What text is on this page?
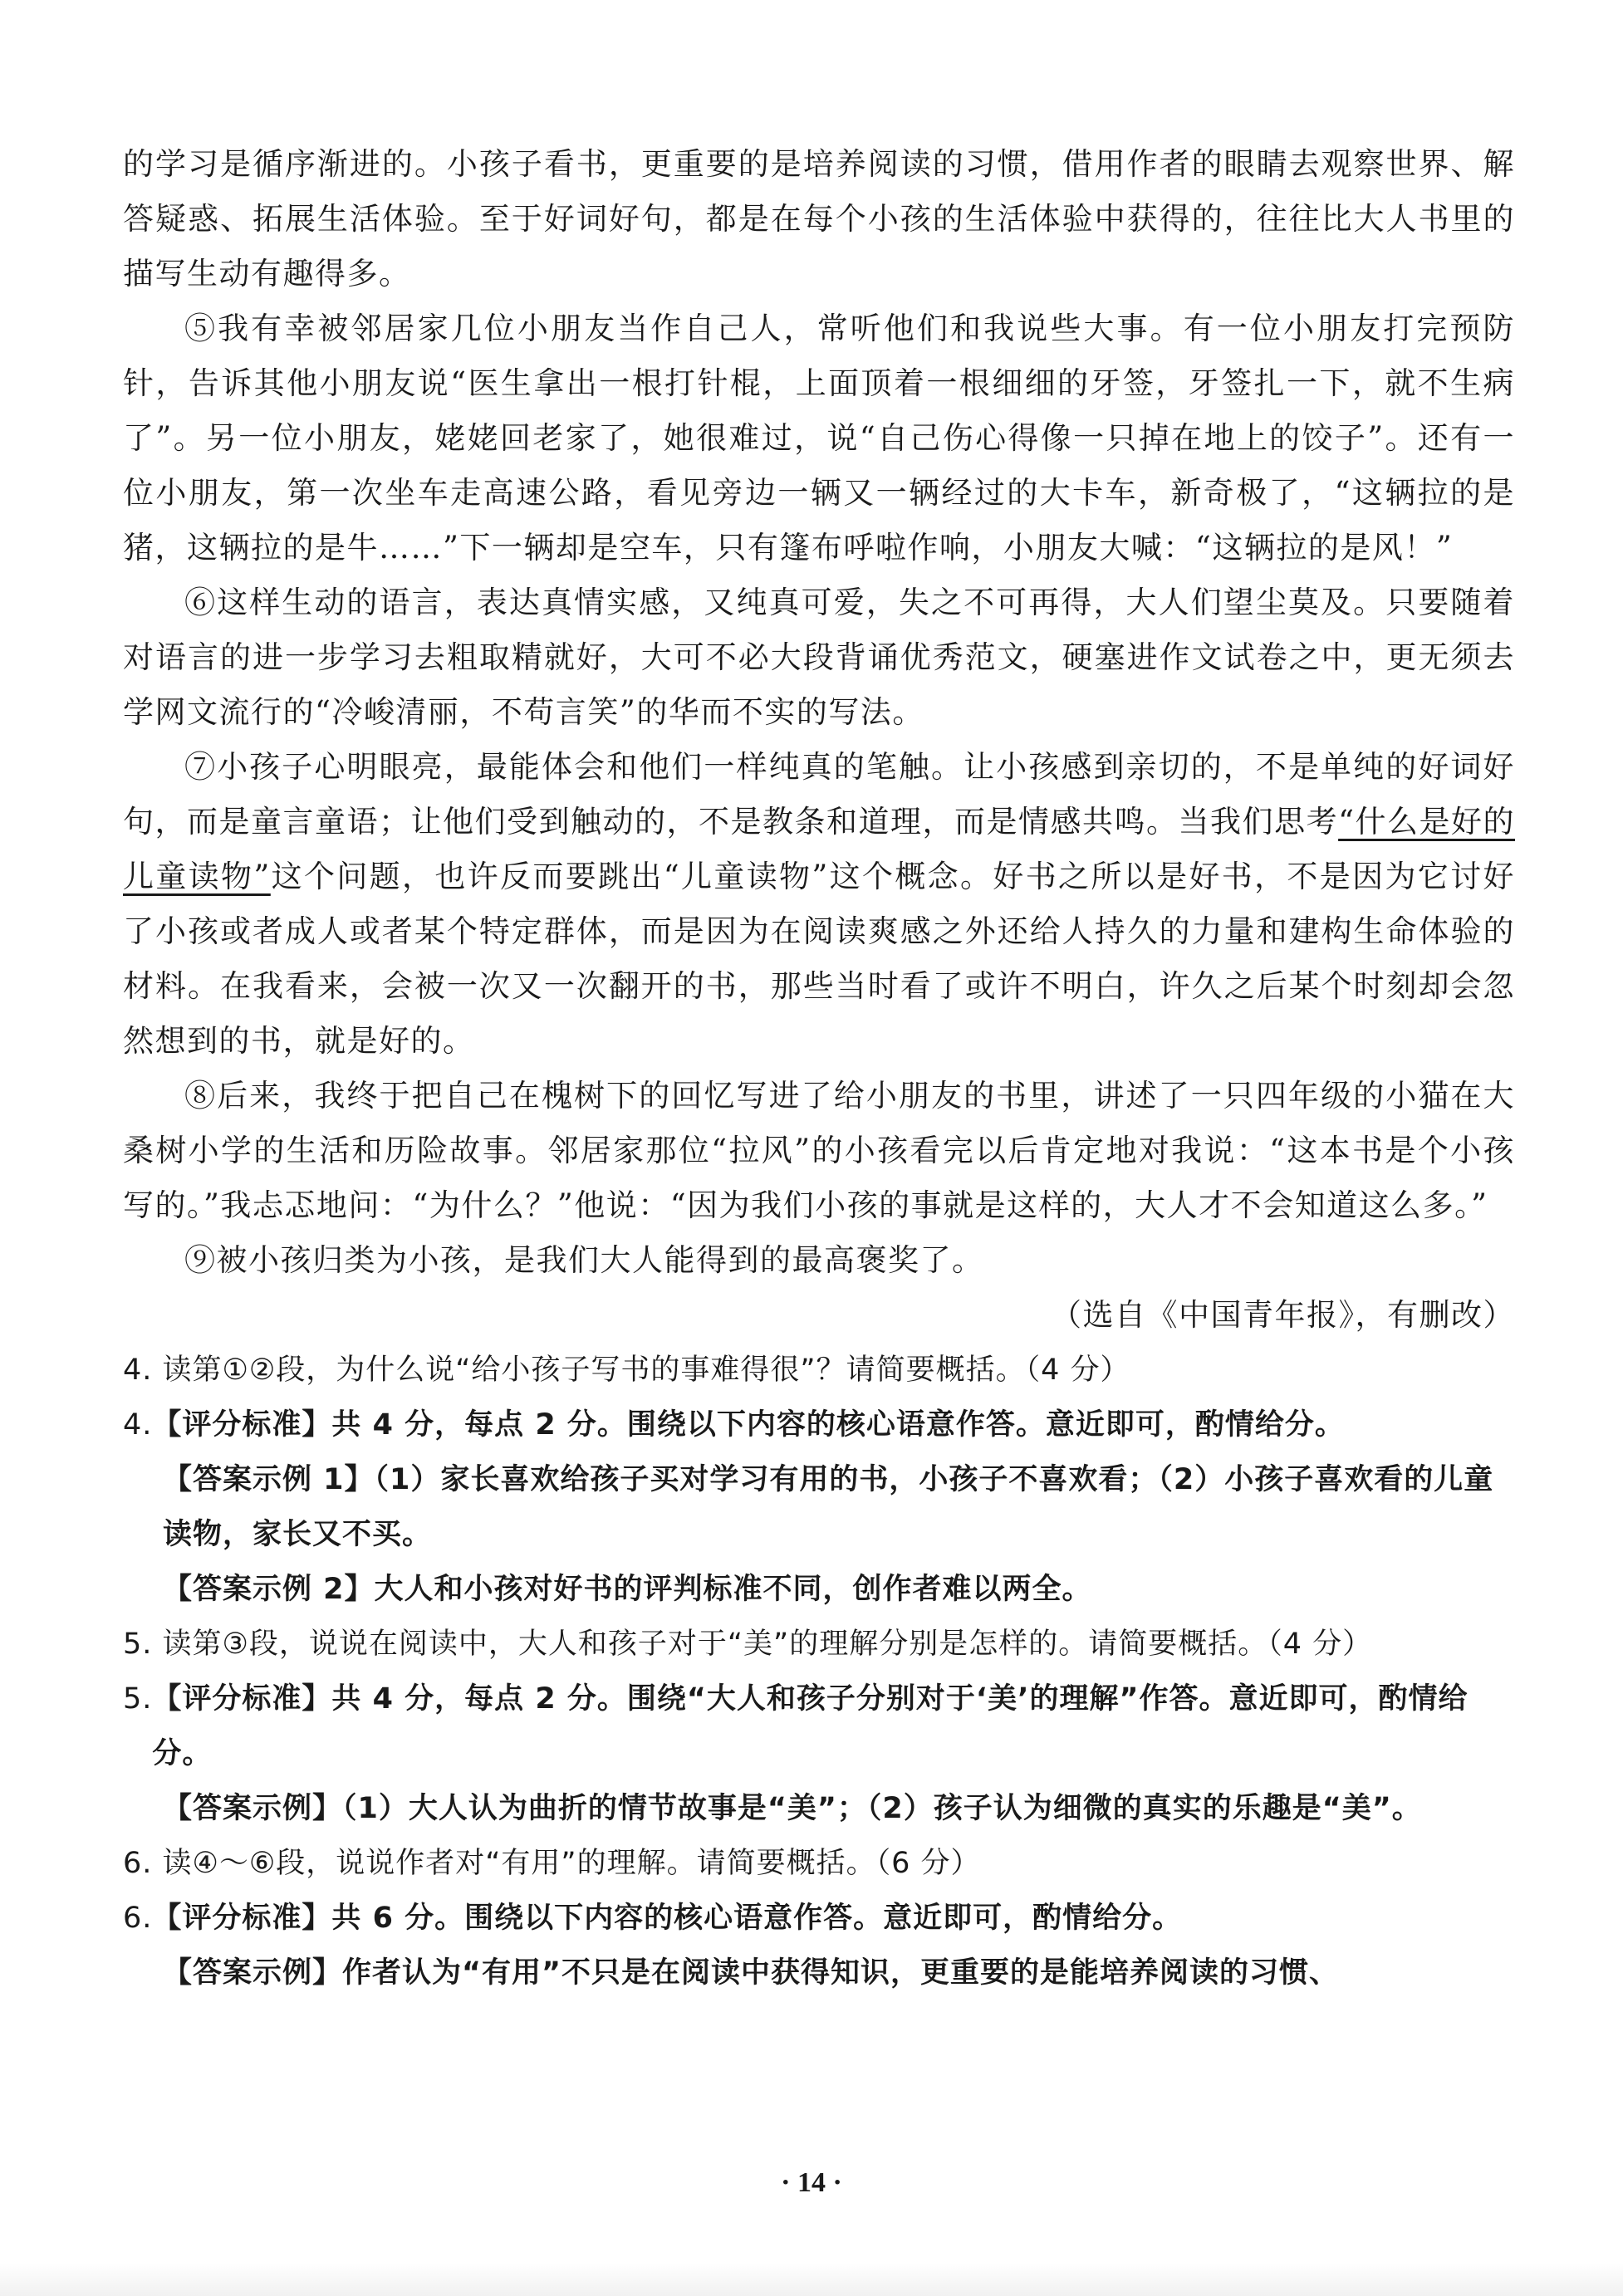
的学习是循序渐进的。小孩子看书，更重要的是培养阅读的习惯，借用作者的眼睛去观察世界、解答疑惑、拓展生活体验。至于好词好句，都是在每个小孩的生活体验中获得的，往往比大人书里的描写生动有趣得多。

⑤我有幸被邻居家几位小朋友当作自己人，常听他们和我说些大事。有一位小朋友打完预防针，告诉其他小朋友说“医生拿出一根打针棍，上面顶着一根细细的牙签，牙签扎一下，就不生病了”。另一位小朋友，姥姥回老家了，她很难过，说“自己伤心得像一只掉在地上的饺子”。还有一位小朋友，第一次坐车走高速公路，看见旁边一辆又一辆经过的大卡车，新奇极了，“这辆拉的是猪，这辆拉的是牛……”下一辆却是空车，只有篷布呼啦作响，小朋友大喊：“这辆拉的是风！”

⑥这样生动的语言，表达真情实感，又纯真可爱，失之不可再得，大人们望尘莫及。只要随着对语言的进一步学习去粗取精就好，大可不必大段背诵优秀范文，硬塞进作文试卷之中，更无须去学网文流行的“冷峻清丽，不苟言笑”的华而不实的写法。

⑦小孩子心明眼亮，最能体会和他们一样纯真的笔触。让小孩感到亲切的，不是单纯的好词好句，而是童言童语；让他们受到触动的，不是教条和道理，而是情感共鸣。当我们思考“什么是好的儿童读物”这个问题，也许反而要跳出“儿童读物”这个概念。好书之所以是好书，不是因为它讨好了小孩或者成人或者某个特定群体，而是因为在阅读爽感之外还给人持久的力量和建构生命体验的材料。在我看来，会被一次又一次翻开的书，那些当时看了或许不明白，许久之后某个时刻却会忽然想到的书，就是好的。

⑧后来，我终于把自己在槐树下的回忆写进了给小朋友的书里，讲述了一只四年级的小猫在大桑树小学的生活和历险故事。邻居家那位“拉风”的小孩看完以后肯定地对我说：“这本书是个小孩写的。”我忐忑地问：“为什么？”他说：“因为我们小孩的事就是这样的，大人才不会知道这么多。”

⑨被小孩归类为小孩，是我们大人能得到的最高褒奖了。

（选自《中国青年报》，有删改）

4.
读第①②段，为什么说“给小孩子写书的事难得很”？请简要概括。（4 分）

4. 【评分标准】共 4 分，每点 2 分。围绕以下内容的核心语意作答。意近即可，酌情给分。

【答案示例 1】（1）家长喜欢给孩子买对学习有用的书，小孩子不喜欢看；（2）小孩子喜欢看的儿童读物，家长又不买。

【答案示例 2】大人和小孩对好书的评判标准不同，创作者难以两全。

5.
读第③段，说说在阅读中，大人和孩子对于“美”的理解分别是怎样的。请简要概括。（4 分）

5. 【评分标准】共 4 分，每点 2 分。围绕“大人和孩子分别对于‘美’的理解”作答。意近即可，酌情给分。

【答案示例】（1）大人认为曲折的情节故事是“美”；（2）孩子认为细微的真实的乐趣是“美”。

6.
读④～⑥段，说说作者对“有用”的理解。请简要概括。（6 分）

6. 【评分标准】共 6 分。围绕以下内容的核心语意作答。意近即可，酌情给分。

【答案示例】作者认为“有用”不只是在阅读中获得知识，更重要的是能培养阅读的习惯、

· 14 ·
